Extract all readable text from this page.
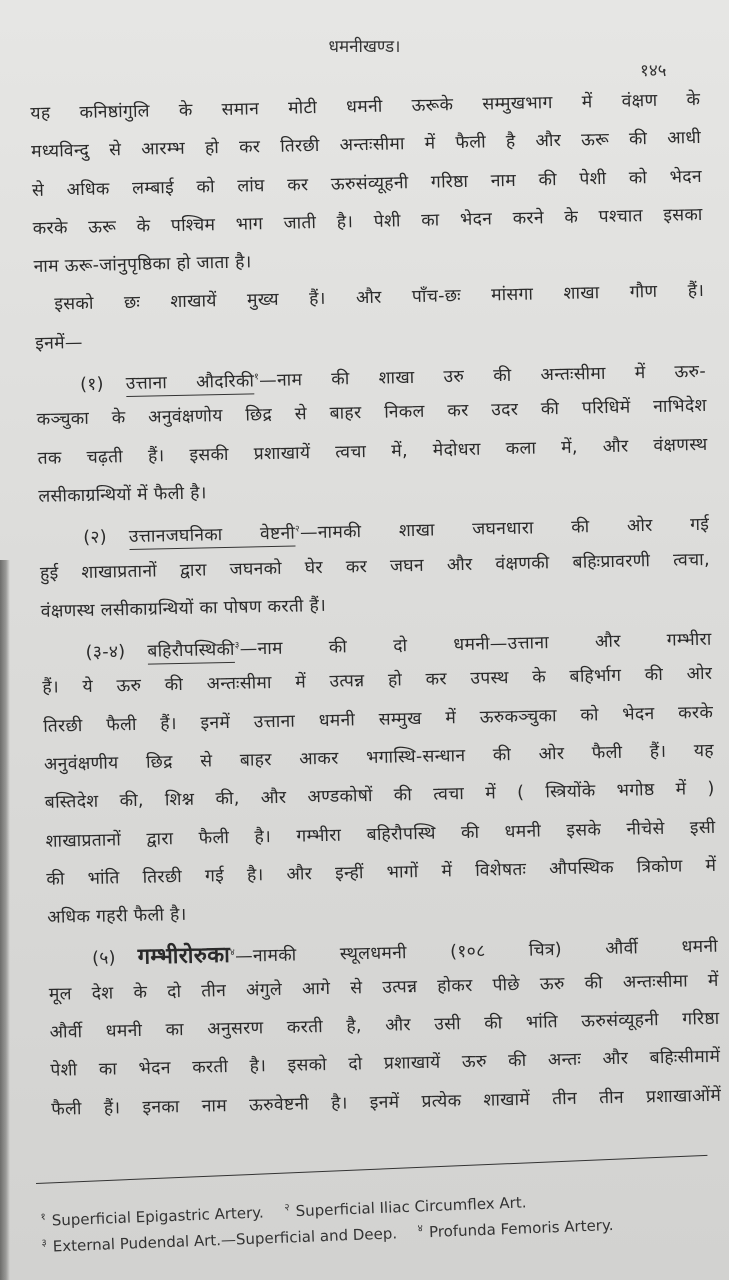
धमनीखण्ड।
१४५
यह कनिष्ठांगुलि के समान मोटी धमनी ऊरूके सम्मुखभाग में वंक्षण के
मध्यविन्दु से आरम्भ हो कर तिरछी अन्तःसीमा में फैली है और ऊरू की आधी
से अधिक लम्बाई को लांघ कर ऊरुसंव्यूहनी गरिष्ठा नाम की पेशी को भेदन
करके ऊरू के पश्चिम भाग जाती है। पेशी का भेदन करने के पश्चात इसका
नाम ऊरू-जांनुपृष्ठिका हो जाता है।
इसको छः शाखायें मुख्य हैं। और पाँच-छः मांसगा शाखा गौण हैं।
इनमें—
(१) उत्ताना औदरिकी$^१$—नाम की शाखा उरु की अन्तःसीमा में ऊरु-
कञ्चुका के अनुवंक्षणोय छिद्र से बाहर निकल कर उदर की परिधिमें नाभिदेश
तक चढ़ती हैं। इसकी प्रशाखायें त्वचा में, मेदोधरा कला में, और वंक्षणस्थ
लसीकाग्रन्थियों में फैली है।
(२) उत्तानजघनिका वेष्टनी$^२$—नामकी शाखा जघनधारा की ओर गई
हुई शाखाप्रतानों द्वारा जघनको घेर कर जघन और वंक्षणकी बहिःप्रावरणी त्वचा,
वंक्षणस्थ लसीकाग्रन्थियों का पोषण करती हैं।
(३-४) बहिरौपस्थिकी$^३$—नाम की दो धमनी—उत्ताना और गम्भीरा
हैं। ये ऊरु की अन्तःसीमा में उत्पन्न हो कर उपस्थ के बहिर्भाग की ओर
तिरछी फैली हैं। इनमें उत्ताना धमनी सम्मुख में ऊरुकञ्चुका को भेदन करके
अनुवंक्षणीय छिद्र से बाहर आकर भगास्थि-सन्धान की ओर फैली हैं। यह
बस्तिदेश की, शिश्न की, और अण्डकोषों की त्वचा में ( स्त्रियोंके भगोष्ठ में )
शाखाप्रतानों द्वारा फैली है। गम्भीरा बहिरौपस्थि की धमनी इसके नीचेसे इसी
की भांति तिरछी गई है। और इन्हीं भागों में विशेषतः औपस्थिक त्रिकोण में
अधिक गहरी फैली है।
(५) गम्भीरोरुका$^४$—नामकी स्थूलधमनी (१०८ चित्र) और्वी धमनी
मूल देश के दो तीन अंगुले आगे से उत्पन्न होकर पीछे ऊरु की अन्तःसीमा में
और्वी धमनी का अनुसरण करती है, और उसी की भांति ऊरुसंव्यूहनी गरिष्ठा
पेशी का भेदन करती है। इसको दो प्रशाखायें ऊरु की अन्तः और बहिःसीमामें
फैली हैं। इनका नाम ऊरुवेष्टनी है। इनमें प्रत्येक शाखामें तीन तीन प्रशाखाओंमें
$^१$ Superficial Epigastric Artery. $^२$ Superficial Iliac Circumflex Art.
$^३$ External Pudendal Art.—Superficial and Deep. $^४$ Profunda Femoris Artery.
